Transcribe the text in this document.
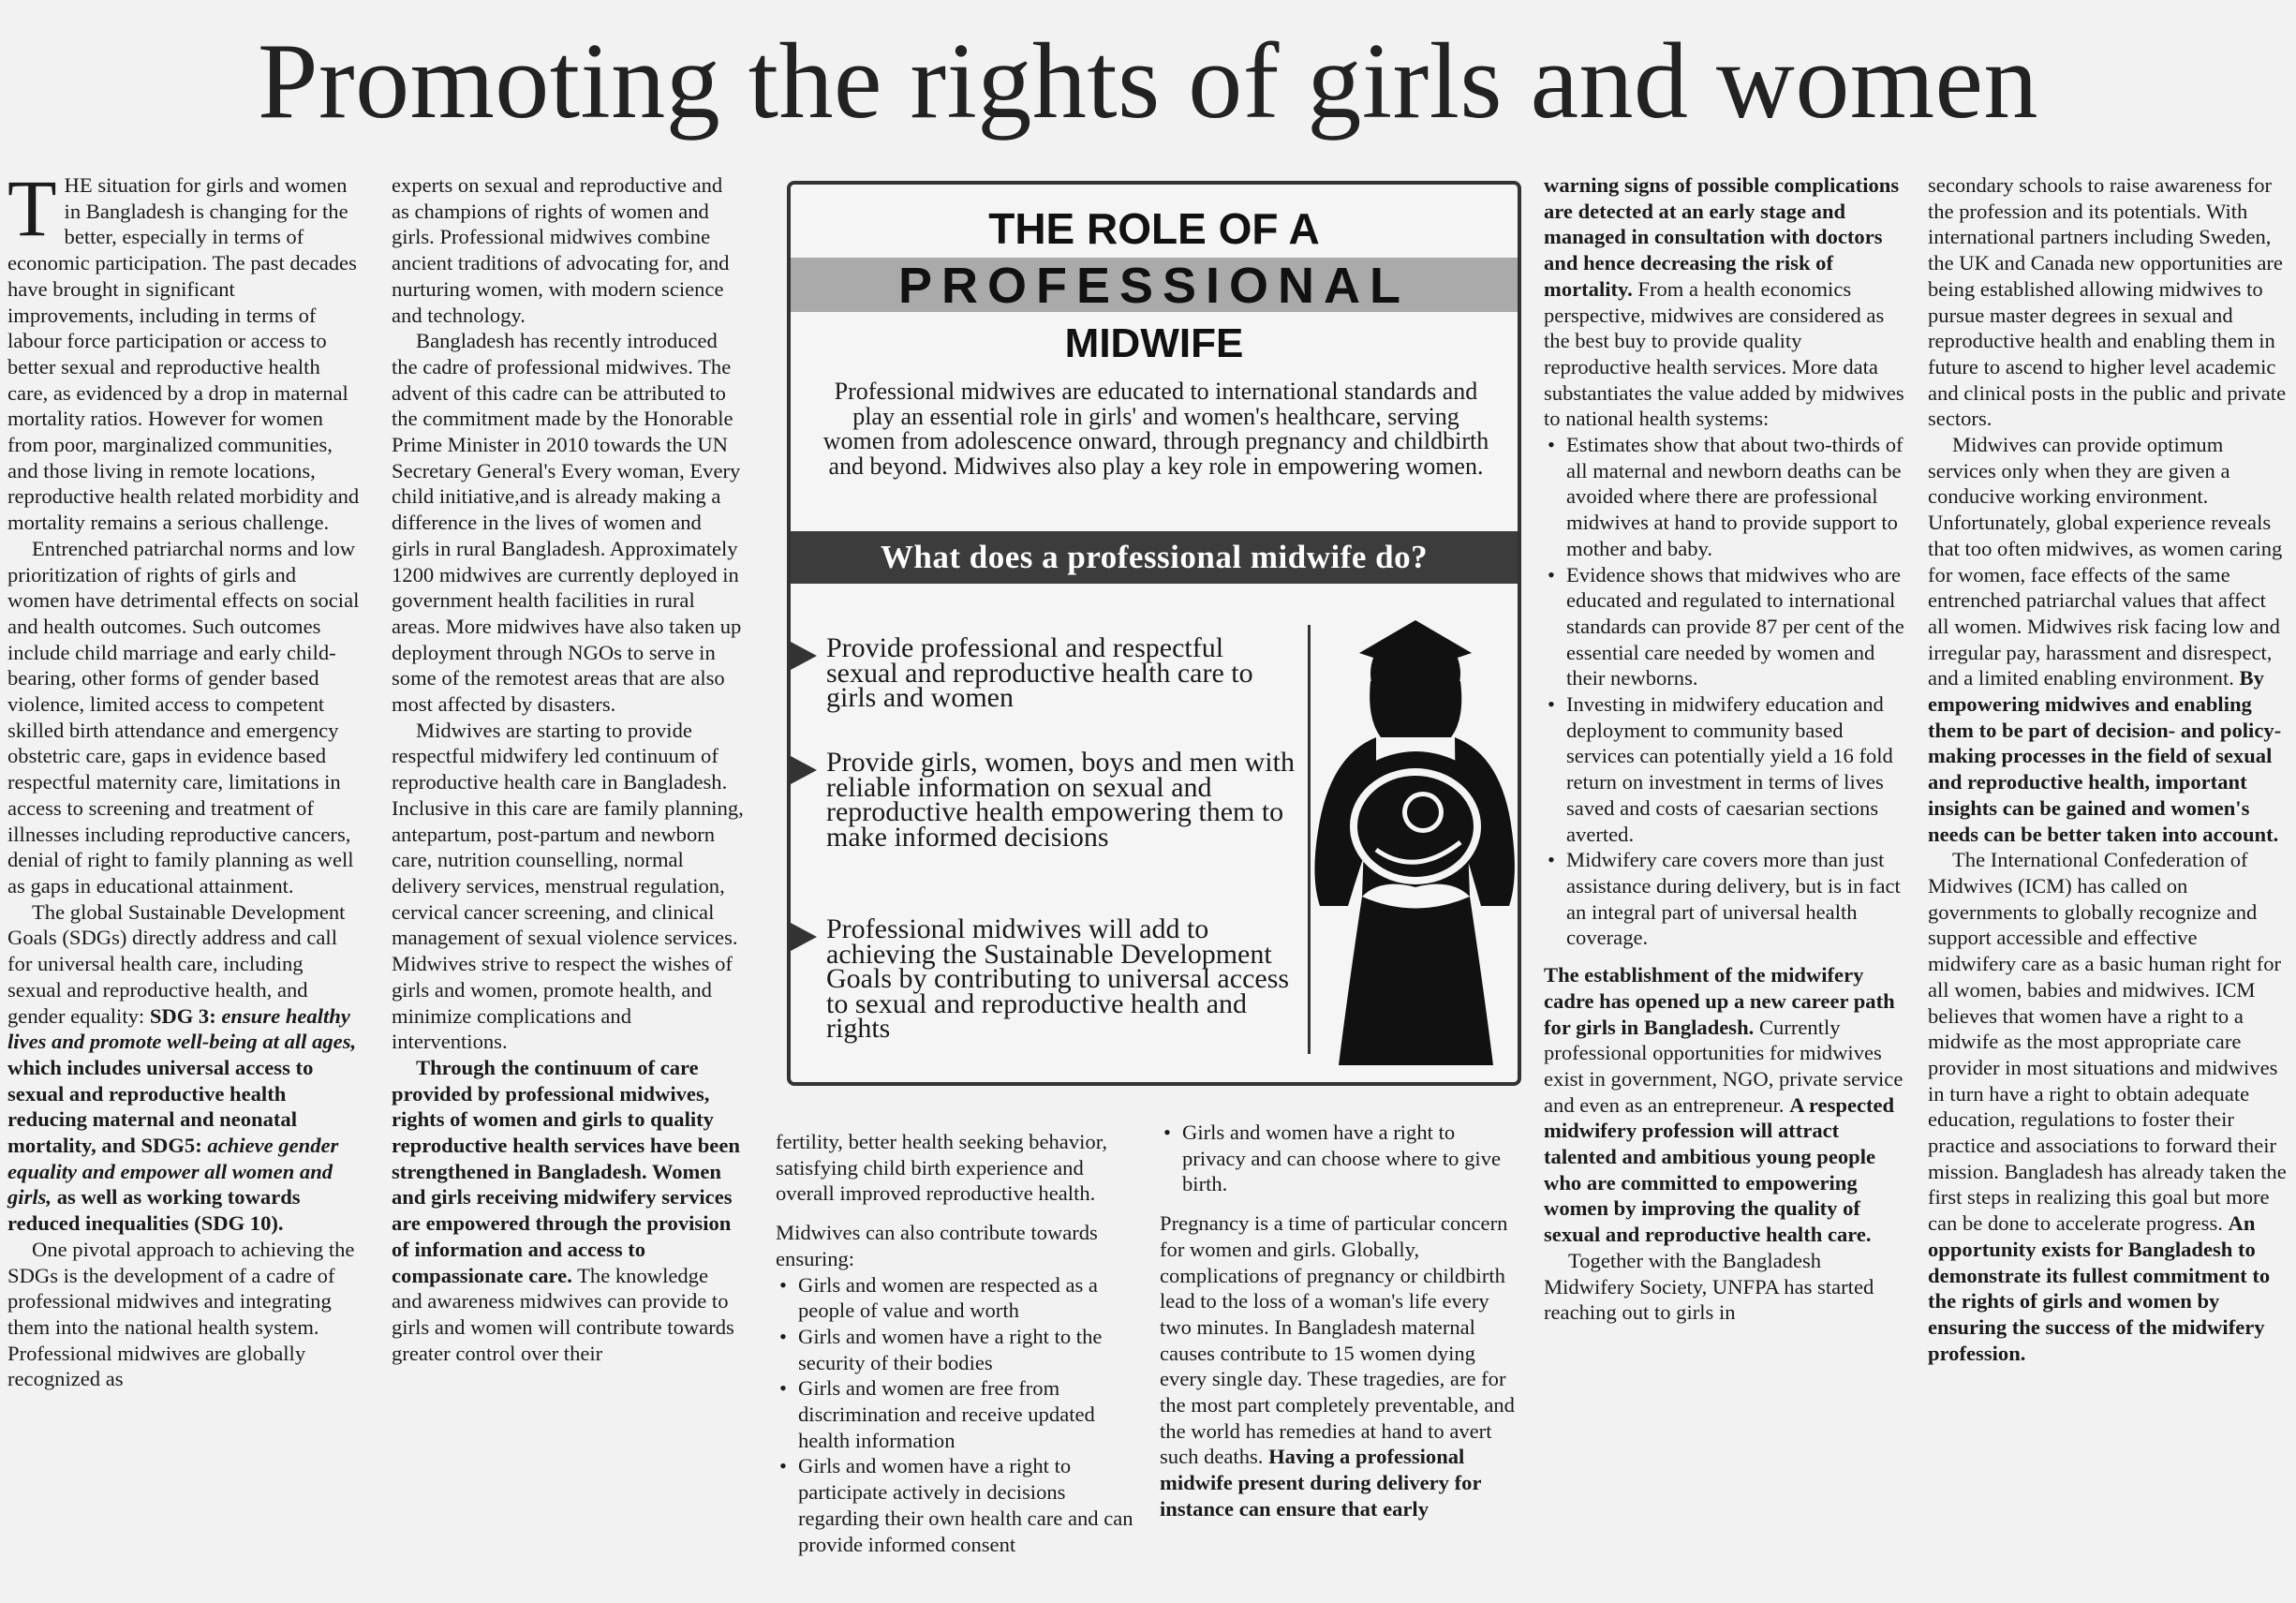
Promoting the rights of girls and women

THE situation for girls and women in Bangladesh is changing for the better, especially in terms of economic participation. The past decades have brought in significant improvements, including in terms of labour force participation or access to better sexual and reproductive health care, as evidenced by a drop in maternal mortality ratios. However for women from poor, marginalized communities, and those living in remote locations, reproductive health related morbidity and mortality remains a serious challenge.

Entrenched patriarchal norms and low prioritization of rights of girls and women have detrimental effects on social and health outcomes. Such outcomes include child marriage and early child-bearing, other forms of gender based violence, limited access to competent skilled birth attendance and emergency obstetric care, gaps in evidence based respectful maternity care, limitations in access to screening and treatment of illnesses including reproductive cancers, denial of right to family planning as well as gaps in educational attainment.

The global Sustainable Development Goals (SDGs) directly address and call for universal health care, including sexual and reproductive health, and gender equality: SDG 3: ensure healthy lives and promote well-being at all ages, which includes universal access to sexual and reproductive health reducing maternal and neonatal mortality, and SDG5: achieve gender equality and empower all women and girls, as well as working towards reduced inequalities (SDG 10).

One pivotal approach to achieving the SDGs is the development of a cadre of professional midwives and integrating them into the national health system. Professional midwives are globally recognized as

experts on sexual and reproductive and as champions of rights of women and girls. Professional midwives combine ancient traditions of advocating for, and nurturing women, with modern science and technology.

Bangladesh has recently introduced the cadre of professional midwives. The advent of this cadre can be attributed to the commitment made by the Honorable Prime Minister in 2010 towards the UN Secretary General's Every woman, Every child initiative,and is already making a difference in the lives of women and girls in rural Bangladesh. Approximately 1200 midwives are currently deployed in government health facilities in rural areas. More midwives have also taken up deployment through NGOs to serve in some of the remotest areas that are also most affected by disasters.

Midwives are starting to provide respectful midwifery led continuum of reproductive health care in Bangladesh. Inclusive in this care are family planning, antepartum, post-partum and newborn care, nutrition counselling, normal delivery services, menstrual regulation, cervical cancer screening, and clinical management of sexual violence services. Midwives strive to respect the wishes of girls and women, promote health, and minimize complications and interventions.

Through the continuum of care provided by professional midwives, rights of women and girls to quality reproductive health services have been strengthened in Bangladesh. Women and girls receiving midwifery services are empowered through the provision of information and access to compassionate care. The knowledge and awareness midwives can provide to girls and women will contribute towards greater control over their

THE ROLE OF A
PROFESSIONAL
MIDWIFE
Professional midwives are educated to international standards and play an essential role in girls' and women's healthcare, serving women from adolescence onward, through pregnancy and childbirth and beyond. Midwives also play a key role in empowering women.
What does a professional midwife do?
Provide professional and respectful sexual and reproductive health care to girls and women
Provide girls, women, boys and men with reliable information on sexual and reproductive health empowering them to make informed decisions
Professional midwives will add to achieving the Sustainable Development Goals by contributing to universal access to sexual and reproductive health and rights

fertility, better health seeking behavior, satisfying child birth experience and overall improved reproductive health.

Midwives can also contribute towards ensuring:

• Girls and women are respected as a people of value and worth
• Girls and women have a right to the security of their bodies
• Girls and women are free from discrimination and receive updated health information
• Girls and women have a right to participate actively in decisions regarding their own health care and can provide informed consent
• Girls and women have a right to privacy and can choose where to give birth.

Pregnancy is a time of particular concern for women and girls. Globally, complications of pregnancy or childbirth lead to the loss of a woman's life every two minutes. In Bangladesh maternal causes contribute to 15 women dying every single day. These tragedies, are for the most part completely preventable, and the world has remedies at hand to avert such deaths. Having a professional midwife present during delivery for instance can ensure that early

warning signs of possible complications are detected at an early stage and managed in consultation with doctors and hence decreasing the risk of mortality. From a health economics perspective, midwives are considered as the best buy to provide quality reproductive health services. More data substantiates the value added by midwives to national health systems:

• Estimates show that about two-thirds of all maternal and newborn deaths can be avoided where there are professional midwives at hand to provide support to mother and baby.
• Evidence shows that midwives who are educated and regulated to international standards can provide 87 per cent of the essential care needed by women and their newborns.
• Investing in midwifery education and deployment to community based services can potentially yield a 16 fold return on investment in terms of lives saved and costs of caesarian sections averted.
• Midwifery care covers more than just assistance during delivery, but is in fact an integral part of universal health coverage.

The establishment of the midwifery cadre has opened up a new career path for girls in Bangladesh. Currently professional opportunities for midwives exist in government, NGO, private service and even as an entrepreneur. A respected midwifery profession will attract talented and ambitious young people who are committed to empowering women by improving the quality of sexual and reproductive health care.

Together with the Bangladesh Midwifery Society, UNFPA has started reaching out to girls in

secondary schools to raise awareness for the profession and its potentials. With international partners including Sweden, the UK and Canada new opportunities are being established allowing midwives to pursue master degrees in sexual and reproductive health and enabling them in future to ascend to higher level academic and clinical posts in the public and private sectors.

Midwives can provide optimum services only when they are given a conducive working environment. Unfortunately, global experience reveals that too often midwives, as women caring for women, face effects of the same entrenched patriarchal values that affect all women. Midwives risk facing low and irregular pay, harassment and disrespect, and a limited enabling environment. By empowering midwives and enabling them to be part of decision- and policy-making processes in the field of sexual and reproductive health, important insights can be gained and women's needs can be better taken into account.

The International Confederation of Midwives (ICM) has called on governments to globally recognize and support accessible and effective midwifery care as a basic human right for all women, babies and midwives. ICM believes that women have a right to a midwife as the most appropriate care provider in most situations and midwives in turn have a right to obtain adequate education, regulations to foster their practice and associations to forward their mission. Bangladesh has already taken the first steps in realizing this goal but more can be done to accelerate progress. An opportunity exists for Bangladesh to demonstrate its fullest commitment to the rights of girls and women by ensuring the success of the midwifery profession.
